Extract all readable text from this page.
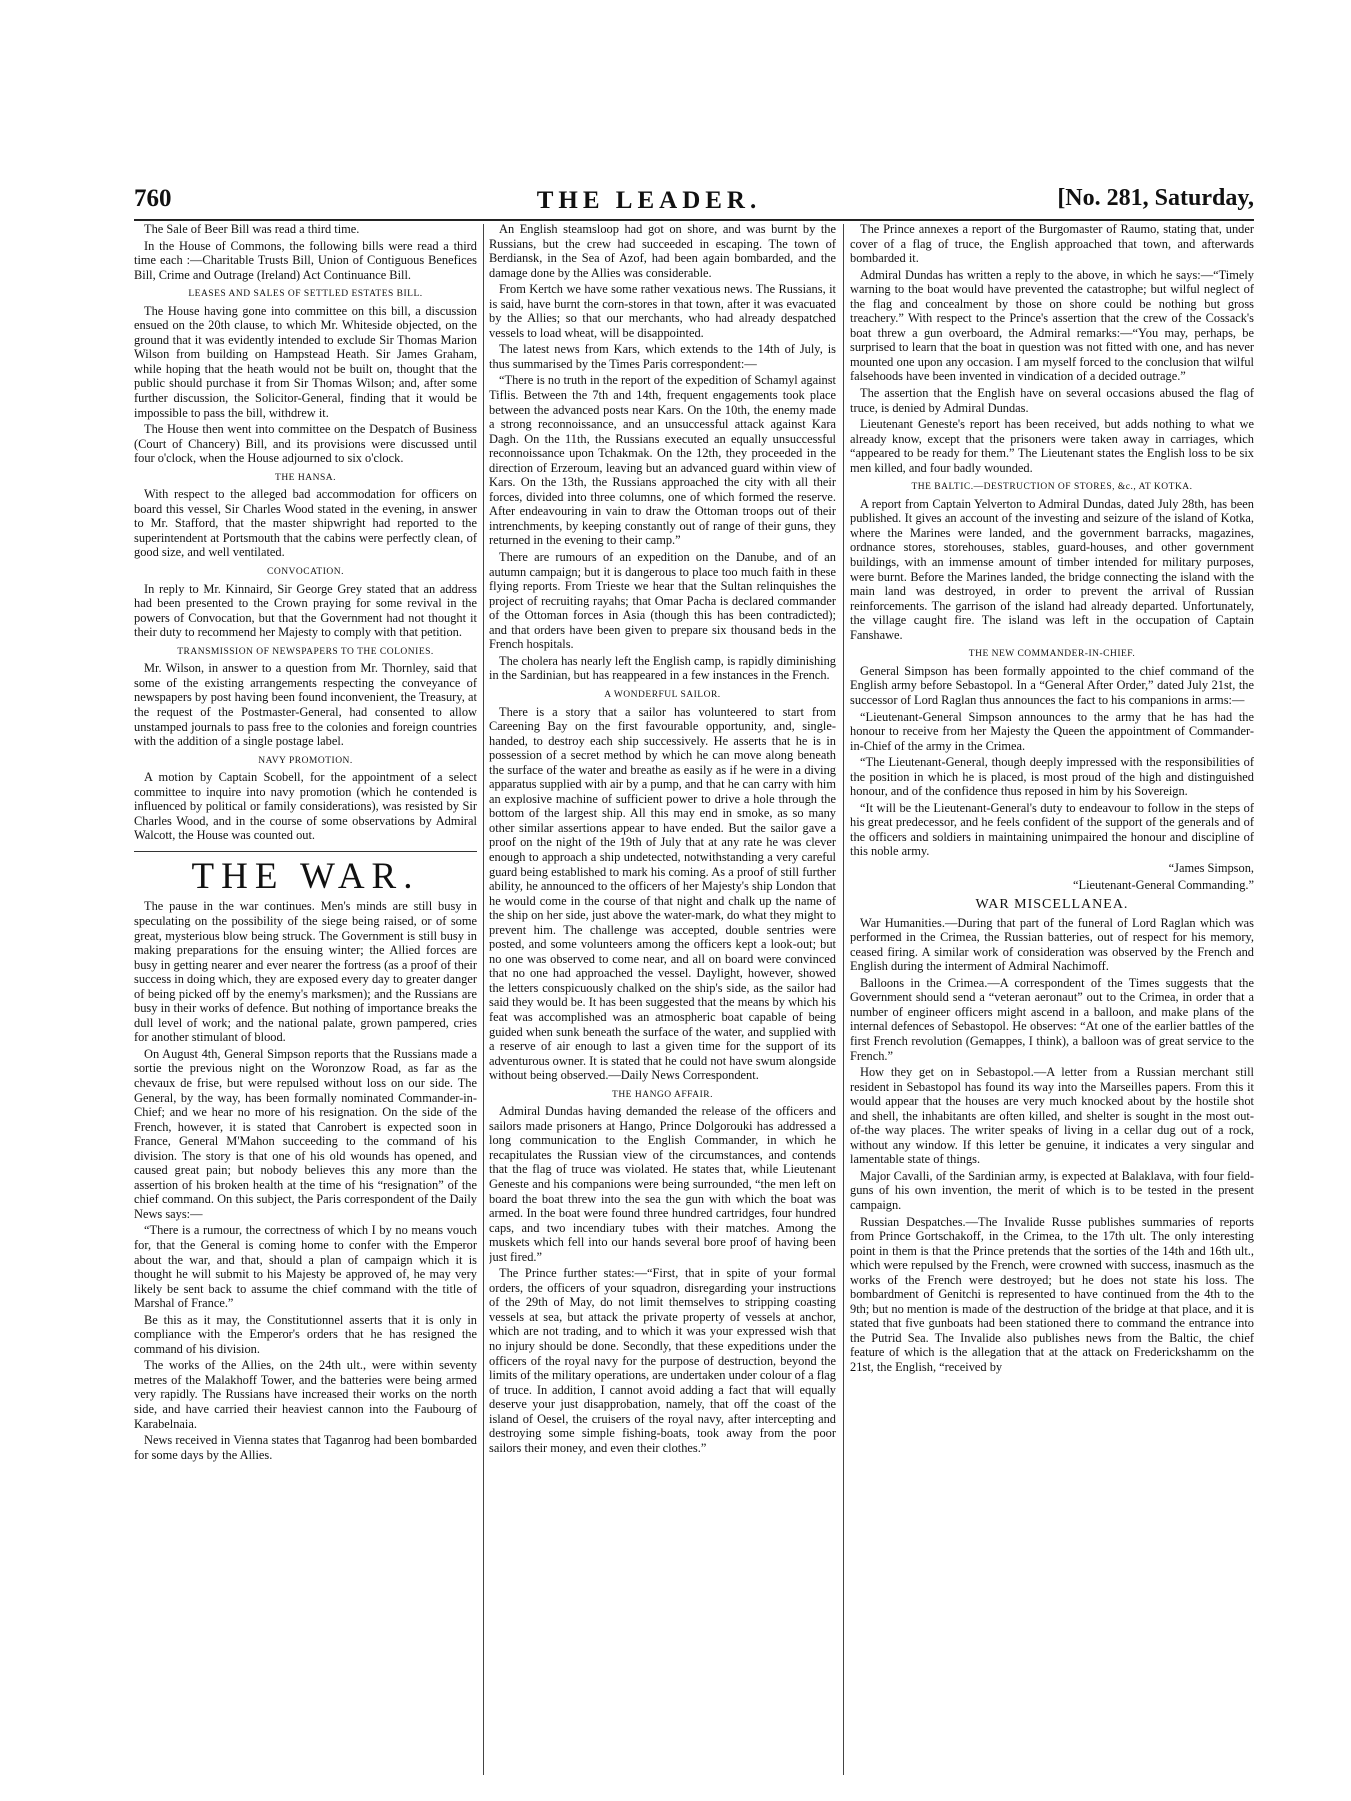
760	THE LEADER.	[No. 281, Saturday,

The Sale of Beer Bill was read a third time.

In the House of Commons, the following bills were read a third time each :—Charitable Trusts Bill, Union of Contiguous Benefices Bill, Crime and Outrage (Ireland) Act Continuance Bill.

LEASES AND SALES OF SETTLED ESTATES BILL.

The House having gone into committee on this bill, a discussion ensued on the 20th clause, to which Mr. Whiteside objected, on the ground that it was evidently intended to exclude Sir Thomas Marion Wilson from building on Hampstead Heath. Sir James Graham, while hoping that the heath would not be built on, thought that the public should purchase it from Sir Thomas Wilson; and, after some further discussion, the Solicitor-General, finding that it would be impossible to pass the bill, withdrew it.

The House then went into committee on the Despatch of Business (Court of Chancery) Bill, and its provisions were discussed until four o'clock, when the House adjourned to six o'clock.

THE HANSA.

With respect to the alleged bad accommodation for officers on board this vessel, Sir Charles Wood stated in the evening, in answer to Mr. Stafford, that the master shipwright had reported to the superintendent at Portsmouth that the cabins were perfectly clean, of good size, and well ventilated.

CONVOCATION.

In reply to Mr. Kinnaird, Sir George Grey stated that an address had been presented to the Crown praying for some revival in the powers of Convocation, but that the Government had not thought it their duty to recommend her Majesty to comply with that petition.

TRANSMISSION OF NEWSPAPERS TO THE COLONIES.

Mr. Wilson, in answer to a question from Mr. Thornley, said that some of the existing arrangements respecting the conveyance of newspapers by post having been found inconvenient, the Treasury, at the request of the Postmaster-General, had consented to allow unstamped journals to pass free to the colonies and foreign countries with the addition of a single postage label.

NAVY PROMOTION.

A motion by Captain Scobell, for the appointment of a select committee to inquire into navy promotion (which he contended is influenced by political or family considerations), was resisted by Sir Charles Wood, and in the course of some observations by Admiral Walcott, the House was counted out.

THE WAR.

The pause in the war continues. Men's minds are still busy in speculating on the possibility of the siege being raised, or of some great, mysterious blow being struck. The Government is still busy in making preparations for the ensuing winter; the Allied forces are busy in getting nearer and ever nearer the fortress (as a proof of their success in doing which, they are exposed every day to greater danger of being picked off by the enemy's marksmen); and the Russians are busy in their works of defence. But nothing of importance breaks the dull level of work; and the national palate, grown pampered, cries for another stimulant of blood.

On August 4th, General Simpson reports that the Russians made a sortie the previous night on the Woronzow Road, as far as the chevaux de frise, but were repulsed without loss on our side. The General, by the way, has been formally nominated Commander-in-Chief; and we hear no more of his resignation. On the side of the French, however, it is stated that Canrobert is expected soon in France, General M'Mahon succeeding to the command of his division. The story is that one of his old wounds has opened, and caused great pain; but nobody believes this any more than the assertion of his broken health at the time of his “resignation” of the chief command. On this subject, the Paris correspondent of the Daily News says:—

“There is a rumour, the correctness of which I by no means vouch for, that the General is coming home to confer with the Emperor about the war, and that, should a plan of campaign which it is thought he will submit to his Majesty be approved of, he may very likely be sent back to assume the chief command with the title of Marshal of France.”

Be this as it may, the Constitutionnel asserts that it is only in compliance with the Emperor's orders that he has resigned the command of his division.

The works of the Allies, on the 24th ult., were within seventy metres of the Malakhoff Tower, and the batteries were being armed very rapidly. The Russians have increased their works on the north side, and have carried their heaviest cannon into the Faubourg of Karabelnaia.

News received in Vienna states that Taganrog had been bombarded for some days by the Allies.

An English steamsloop had got on shore, and was burnt by the Russians, but the crew had succeeded in escaping. The town of Berdiansk, in the Sea of Azof, had been again bombarded, and the damage done by the Allies was considerable.

From Kertch we have some rather vexatious news. The Russians, it is said, have burnt the corn-stores in that town, after it was evacuated by the Allies; so that our merchants, who had already despatched vessels to load wheat, will be disappointed.

The latest news from Kars, which extends to the 14th of July, is thus summarised by the Times Paris correspondent:—

“There is no truth in the report of the expedition of Schamyl against Tiflis. Between the 7th and 14th, frequent engagements took place between the advanced posts near Kars. On the 10th, the enemy made a strong reconnoissance, and an unsuccessful attack against Kara Dagh. On the 11th, the Russians executed an equally unsuccessful reconnoissance upon Tchakmak. On the 12th, they proceeded in the direction of Erzeroum, leaving but an advanced guard within view of Kars. On the 13th, the Russians approached the city with all their forces, divided into three columns, one of which formed the reserve. After endeavouring in vain to draw the Ottoman troops out of their intrenchments, by keeping constantly out of range of their guns, they returned in the evening to their camp.”

There are rumours of an expedition on the Danube, and of an autumn campaign; but it is dangerous to place too much faith in these flying reports. From Trieste we hear that the Sultan relinquishes the project of recruiting rayahs; that Omar Pacha is declared commander of the Ottoman forces in Asia (though this has been contradicted); and that orders have been given to prepare six thousand beds in the French hospitals.

The cholera has nearly left the English camp, is rapidly diminishing in the Sardinian, but has reappeared in a few instances in the French.

A WONDERFUL SAILOR.

There is a story that a sailor has volunteered to start from Careening Bay on the first favourable opportunity, and, single-handed, to destroy each ship successively. He asserts that he is in possession of a secret method by which he can move along beneath the surface of the water and breathe as easily as if he were in a diving apparatus supplied with air by a pump, and that he can carry with him an explosive machine of sufficient power to drive a hole through the bottom of the largest ship. All this may end in smoke, as so many other similar assertions appear to have ended. But the sailor gave a proof on the night of the 19th of July that at any rate he was clever enough to approach a ship undetected, notwithstanding a very careful guard being established to mark his coming. As a proof of still further ability, he announced to the officers of her Majesty's ship London that he would come in the course of that night and chalk up the name of the ship on her side, just above the water-mark, do what they might to prevent him. The challenge was accepted, double sentries were posted, and some volunteers among the officers kept a look-out; but no one was observed to come near, and all on board were convinced that no one had approached the vessel. Daylight, however, showed the letters conspicuously chalked on the ship's side, as the sailor had said they would be. It has been suggested that the means by which his feat was accomplished was an atmospheric boat capable of being guided when sunk beneath the surface of the water, and supplied with a reserve of air enough to last a given time for the support of its adventurous owner. It is stated that he could not have swum alongside without being observed.—Daily News Correspondent.

THE HANGO AFFAIR.

Admiral Dundas having demanded the release of the officers and sailors made prisoners at Hango, Prince Dolgorouki has addressed a long communication to the English Commander, in which he recapitulates the Russian view of the circumstances, and contends that the flag of truce was violated. He states that, while Lieutenant Geneste and his companions were being surrounded, “the men left on board the boat threw into the sea the gun with which the boat was armed. In the boat were found three hundred cartridges, four hundred caps, and two incendiary tubes with their matches. Among the muskets which fell into our hands several bore proof of having been just fired.”

The Prince further states:—“First, that in spite of your formal orders, the officers of your squadron, disregarding your instructions of the 29th of May, do not limit themselves to stripping coasting vessels at sea, but attack the private property of vessels at anchor, which are not trading, and to which it was your expressed wish that no injury should be done. Secondly, that these expeditions under the officers of the royal navy for the purpose of destruction, beyond the limits of the military operations, are undertaken under colour of a flag of truce. In addition, I cannot avoid adding a fact that will equally deserve your just disapprobation, namely, that off the coast of the island of Oesel, the cruisers of the royal navy, after intercepting and destroying some simple fishing-boats, took away from the poor sailors their money, and even their clothes.”

The Prince annexes a report of the Burgomaster of Raumo, stating that, under cover of a flag of truce, the English approached that town, and afterwards bombarded it.

Admiral Dundas has written a reply to the above, in which he says:—“Timely warning to the boat would have prevented the catastrophe; but wilful neglect of the flag and concealment by those on shore could be nothing but gross treachery.” With respect to the Prince's assertion that the crew of the Cossack's boat threw a gun overboard, the Admiral remarks:—“You may, perhaps, be surprised to learn that the boat in question was not fitted with one, and has never mounted one upon any occasion. I am myself forced to the conclusion that wilful falsehoods have been invented in vindication of a decided outrage.”

The assertion that the English have on several occasions abused the flag of truce, is denied by Admiral Dundas.

Lieutenant Geneste's report has been received, but adds nothing to what we already know, except that the prisoners were taken away in carriages, which “appeared to be ready for them.” The Lieutenant states the English loss to be six men killed, and four badly wounded.

THE BALTIC.—DESTRUCTION OF STORES, &c., AT KOTKA.

A report from Captain Yelverton to Admiral Dundas, dated July 28th, has been published. It gives an account of the investing and seizure of the island of Kotka, where the Marines were landed, and the government barracks, magazines, ordnance stores, storehouses, stables, guard-houses, and other government buildings, with an immense amount of timber intended for military purposes, were burnt. Before the Marines landed, the bridge connecting the island with the main land was destroyed, in order to prevent the arrival of Russian reinforcements. The garrison of the island had already departed. Unfortunately, the village caught fire. The island was left in the occupation of Captain Fanshawe.

THE NEW COMMANDER-IN-CHIEF.

General Simpson has been formally appointed to the chief command of the English army before Sebastopol. In a “General After Order,” dated July 21st, the successor of Lord Raglan thus announces the fact to his companions in arms:—

“Lieutenant-General Simpson announces to the army that he has had the honour to receive from her Majesty the Queen the appointment of Commander-in-Chief of the army in the Crimea.

“The Lieutenant-General, though deeply impressed with the responsibilities of the position in which he is placed, is most proud of the high and distinguished honour, and of the confidence thus reposed in him by his Sovereign.

“It will be the Lieutenant-General's duty to endeavour to follow in the steps of his great predecessor, and he feels confident of the support of the generals and of the officers and soldiers in maintaining unimpaired the honour and discipline of this noble army.

“James Simpson,

“Lieutenant-General Commanding.”

WAR MISCELLANEA.

War Humanities.—During that part of the funeral of Lord Raglan which was performed in the Crimea, the Russian batteries, out of respect for his memory, ceased firing. A similar work of consideration was observed by the French and English during the interment of Admiral Nachimoff.

Balloons in the Crimea.—A correspondent of the Times suggests that the Government should send a “veteran aeronaut” out to the Crimea, in order that a number of engineer officers might ascend in a balloon, and make plans of the internal defences of Sebastopol. He observes: “At one of the earlier battles of the first French revolution (Gemappes, I think), a balloon was of great service to the French.”

How they get on in Sebastopol.—A letter from a Russian merchant still resident in Sebastopol has found its way into the Marseilles papers. From this it would appear that the houses are very much knocked about by the hostile shot and shell, the inhabitants are often killed, and shelter is sought in the most out-of-the way places. The writer speaks of living in a cellar dug out of a rock, without any window. If this letter be genuine, it indicates a very singular and lamentable state of things.

Major Cavalli, of the Sardinian army, is expected at Balaklava, with four field-guns of his own invention, the merit of which is to be tested in the present campaign.

Russian Despatches.—The Invalide Russe publishes summaries of reports from Prince Gortschakoff, in the Crimea, to the 17th ult. The only interesting point in them is that the Prince pretends that the sorties of the 14th and 16th ult., which were repulsed by the French, were crowned with success, inasmuch as the works of the French were destroyed; but he does not state his loss. The bombardment of Genitchi is represented to have continued from the 4th to the 9th; but no mention is made of the destruction of the bridge at that place, and it is stated that five gunboats had been stationed there to command the entrance into the Putrid Sea. The Invalide also publishes news from the Baltic, the chief feature of which is the allegation that at the attack on Frederickshamm on the 21st, the English, “received by
